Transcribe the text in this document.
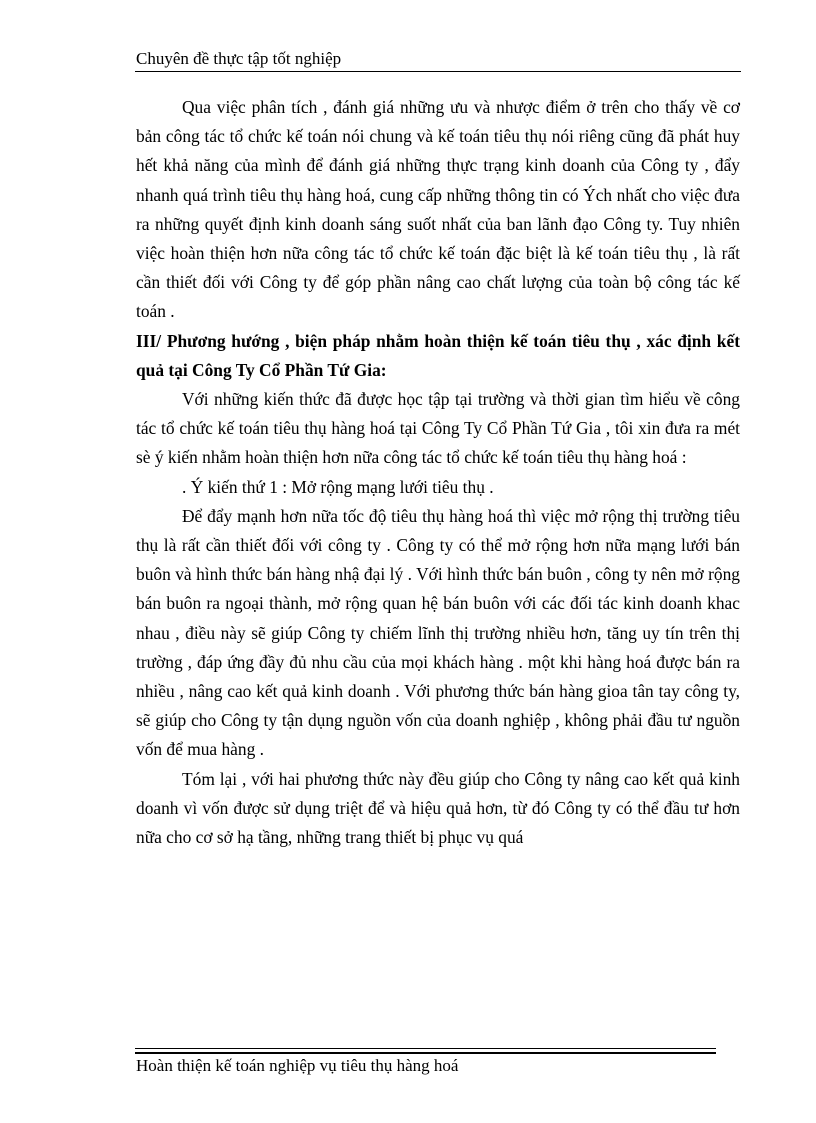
Chuyên đề thực tập tốt nghiệp

Qua việc phân tích , đánh giá những ưu và nhược điểm ở trên cho thấy về cơ bản công tác tổ chức kế toán nói chung và kế toán tiêu thụ nói riêng cũng đã phát huy hết khả năng của mình để đánh giá những thực trạng kinh doanh của Công ty , đẩy nhanh quá trình tiêu thụ hàng hoá, cung cấp những thông tin có Ých nhất cho việc đưa ra những quyết định kinh doanh sáng suốt nhất của ban lãnh đạo Công ty. Tuy nhiên việc hoàn thiện hơn nữa công tác tổ chức kế toán đặc biệt là kế toán tiêu thụ , là rất cần thiết đối với Công ty để góp phần nâng cao chất lượng của toàn bộ công tác kế toán .

III/ Phương hướng , biện pháp nhằm hoàn thiện kế toán tiêu thụ , xác định kết quả tại Công Ty Cổ Phần Tứ Gia:

Với những kiến thức đã được học tập tại trường và thời gian tìm hiểu về công tác tổ chức kế toán tiêu thụ hàng hoá tại Công Ty Cổ Phần Tứ Gia , tôi xin đưa ra mét sè ý kiến nhằm hoàn thiện hơn nữa công tác tổ chức kế toán tiêu thụ hàng hoá :

. Ý kiến thứ 1 : Mở rộng mạng lưới tiêu thụ .

Để đẩy mạnh hơn nữa tốc độ tiêu thụ hàng hoá thì việc mở rộng thị trường tiêu thụ là rất cần thiết đối với công ty . Công ty có thể mở rộng hơn nữa mạng lưới bán buôn và hình thức bán hàng nhậ đại lý . Với hình thức bán buôn , công ty nên mở rộng bán buôn ra ngoại thành, mở rộng quan hệ bán buôn với các đối tác kinh doanh khac nhau , điều này sẽ giúp Công ty chiếm lĩnh thị trường nhiều hơn, tăng uy tín trên thị trường , đáp ứng đầy đủ nhu cầu của mọi khách hàng . một khi hàng hoá được bán ra nhiều , nâng cao kết quả kinh doanh . Với phương thức bán hàng gioa tân tay công ty, sẽ giúp cho Công ty tận dụng nguồn vốn của doanh nghiệp , không phải đầu tư nguồn vốn để mua hàng .

Tóm lại , với hai phương thức này đều giúp cho Công ty nâng cao kết quả kinh doanh vì vốn được sử dụng triệt để và hiệu quả hơn, từ đó Công ty có thể đầu tư hơn nữa cho cơ sở hạ tầng, những trang thiết bị phục vụ quá

Hoàn thiện kế toán nghiệp vụ tiêu thụ hàng hoá
